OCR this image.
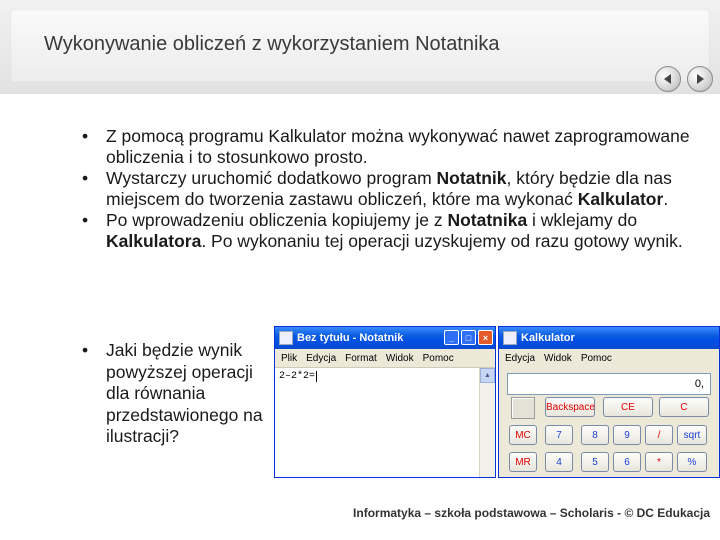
Wykonywanie obliczeń z wykorzystaniem Notatnika
• Z pomocą programu Kalkulator można wykonywać nawet zaprogramowane obliczenia i to stosunkowo prosto.
• Wystarczy uruchomić dodatkowo program Notatnik, który będzie dla nas miejscem do tworzenia zastawu obliczeń, które ma wykonać Kalkulator.
• Po wprowadzeniu obliczenia kopiujemy je z Notatnika i wklejamy do Kalkulatora. Po wykonaniu tej operacji uzyskujemy od razu gotowy wynik.
• Jaki będzie wynik powyższej operacji dla równania przedstawionego na ilustracji?
Bez tytułu - Notatnik	_	□	×
Plik Edycja Format Widok Pomoc
2–2*2=	▲
Kalkulator
Edycja Widok Pomoc
0,
Backspace	CE	C
MC	7	8	9	/	sqrt
MR	4	5	6	*	%
Informatyka – szkoła podstawowa – Scholaris - © DC Edukacja
